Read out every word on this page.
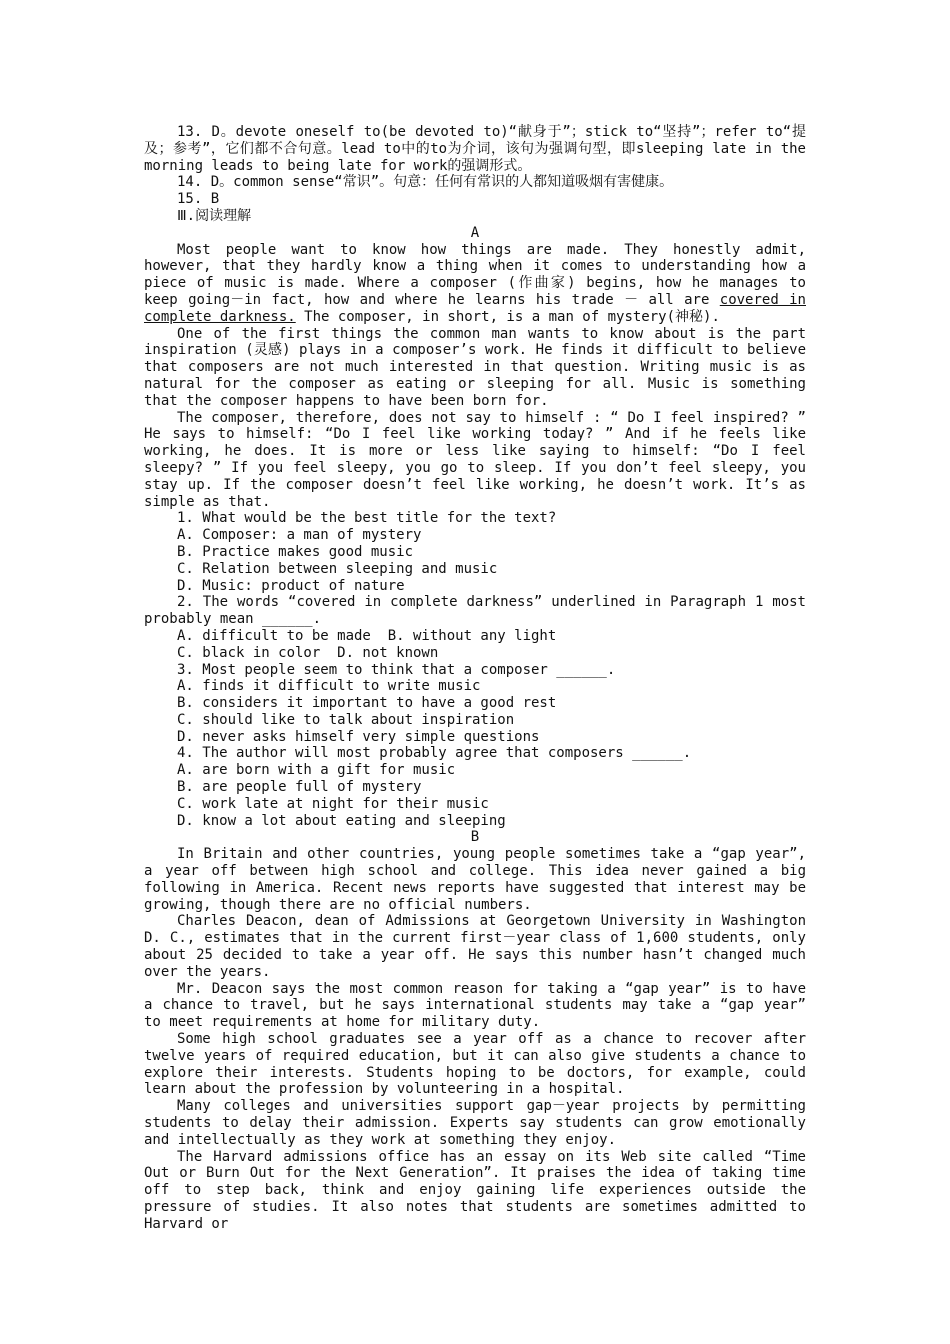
13. D。devote oneself to(be devoted to)“献身于”；stick to“坚持”；refer to“提及；参考”，它们都不合句意。lead to中的to为介词，该句为强调句型，即sleeping late in the morning leads to being late for work的强调形式。

14. D。common sense“常识”。句意：任何有常识的人都知道吸烟有害健康。

15. B

Ⅲ.阅读理解

A

Most people want to know how things are made. They honestly admit, however, that they hardly know a thing when it comes to understanding how a piece of music is made. Where a composer (作曲家) begins, how he manages to keep going－in fact, how and where he learns his trade － all are covered in complete darkness. The composer, in short, is a man of mystery(神秘).

One of the first things the common man wants to know about is the part inspiration (灵感) plays in a composer’s work. He finds it difficult to believe that composers are not much interested in that question. Writing music is as natural for the composer as eating or sleeping for all. Music is something that the composer happens to have been born for.

The composer, therefore, does not say to himself : “ Do I feel inspired? ” He says to himself: “Do I feel like working today? ” And if he feels like working, he does. It is more or less like saying to himself: “Do I feel sleepy? ” If you feel sleepy, you go to sleep. If you don’t feel sleepy, you stay up. If the composer doesn’t feel like working, he doesn’t work. It’s as simple as that.

1. What would be the best title for the text?

A. Composer: a man of mystery

B. Practice makes good music

C. Relation between sleeping and music

D. Music: product of nature

2. The words “covered in complete darkness” underlined in Paragraph 1 most probably mean ______.

A. difficult to be made  B. without any light

C. black in color  D. not known

3. Most people seem to think that a composer ______.

A. finds it difficult to write music

B. considers it important to have a good rest

C. should like to talk about inspiration

D. never asks himself very simple questions

4. The author will most probably agree that composers ______.

A. are born with a gift for music

B. are people full of mystery

C. work late at night for their music

D. know a lot about eating and sleeping

B

In Britain and other countries, young people sometimes take a “gap year”, a year off between high school and college. This idea never gained a big following in America. Recent news reports have suggested that interest may be growing, though there are no official numbers.

Charles Deacon, dean of Admissions at Georgetown University in Washington D. C., estimates that in the current first－year class of 1,600 students, only about 25 decided to take a year off. He says this number hasn’t changed much over the years.

Mr. Deacon says the most common reason for taking a “gap year” is to have a chance to travel, but he says international students may take a “gap year” to meet requirements at home for military duty.

Some high school graduates see a year off as a chance to recover after twelve years of required education, but it can also give students a chance to explore their interests. Students hoping to be doctors, for example, could learn about the profession by volunteering in a hospital.

Many colleges and universities support gap－year projects by permitting students to delay their admission. Experts say students can grow emotionally and intellectually as they work at something they enjoy.

The Harvard admissions office has an essay on its Web site called “Time Out or Burn Out for the Next Generation”. It praises the idea of taking time off to step back, think and enjoy gaining life experiences outside the pressure of studies. It also notes that students are sometimes admitted to Harvard or
